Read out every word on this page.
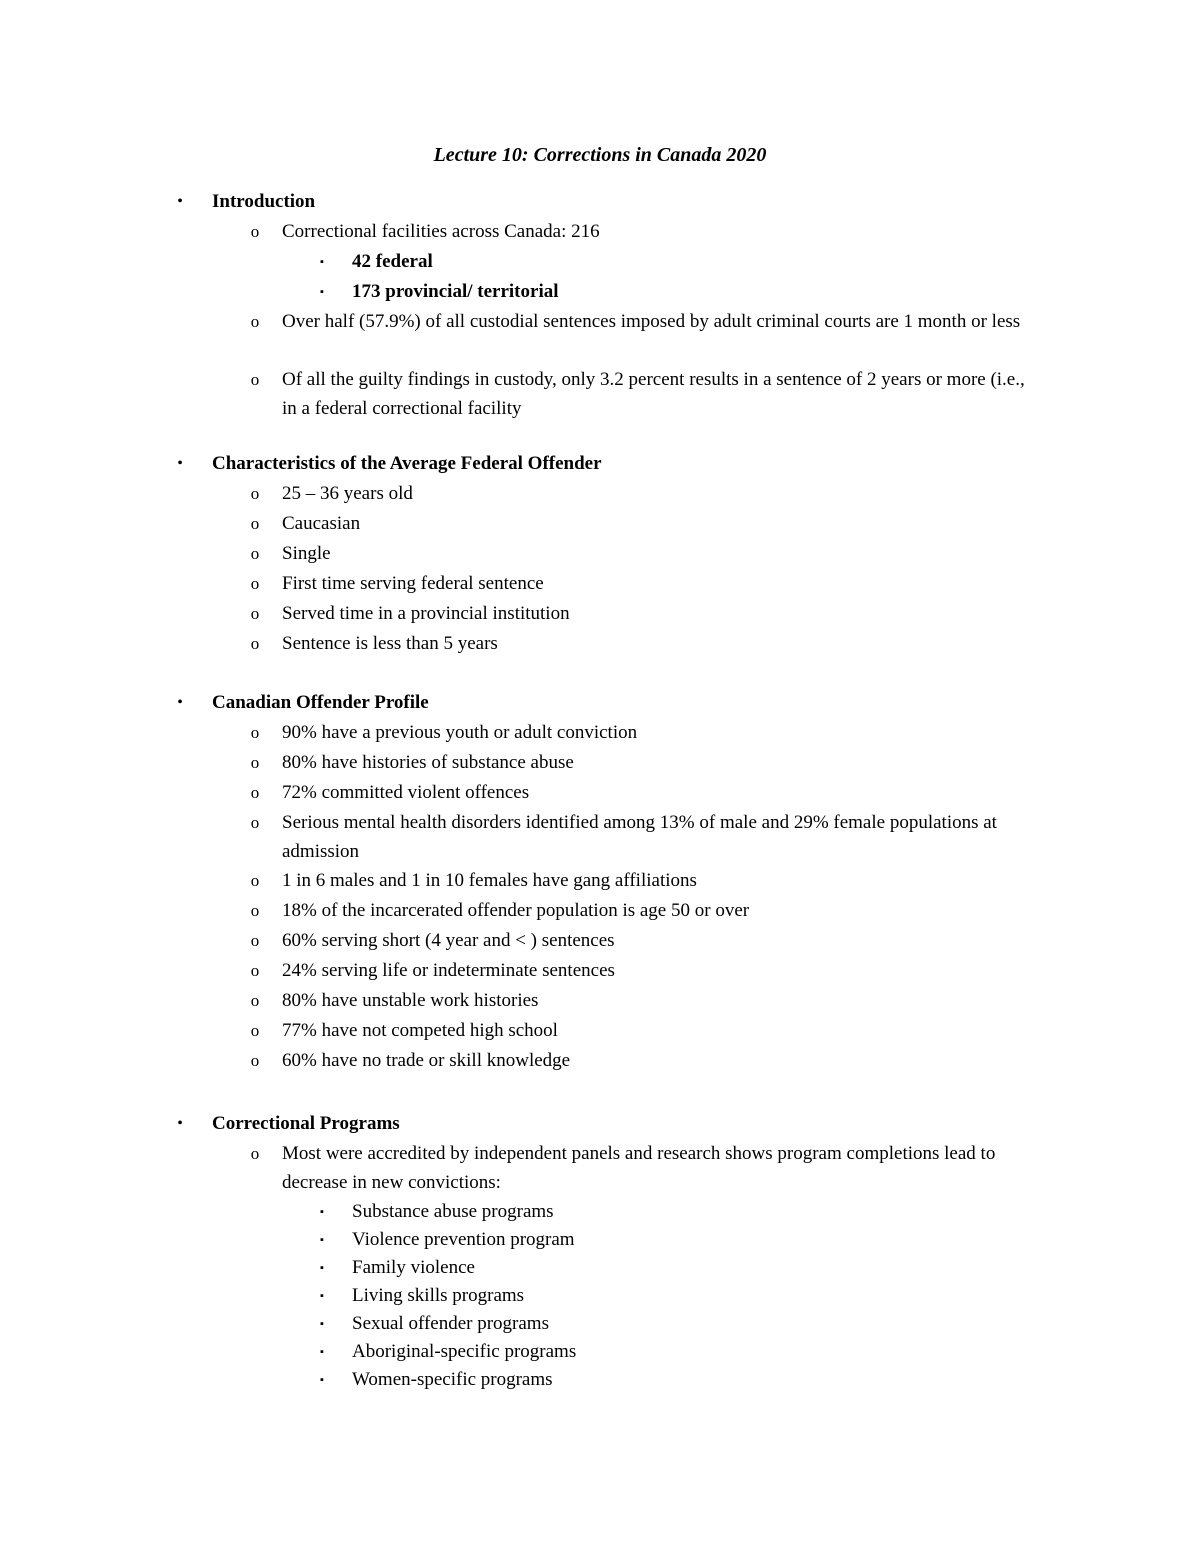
Lecture 10: Corrections in Canada 2020
• Introduction
o Correctional facilities across Canada: 216
▪ 42 federal
▪ 173 provincial/ territorial
o Over half (57.9%) of all custodial sentences imposed by adult criminal courts are 1 month or less
o Of all the guilty findings in custody, only 3.2 percent results in a sentence of 2 years or more (i.e., in a federal correctional facility
• Characteristics of the Average Federal Offender
o 25 – 36 years old
o Caucasian
o Single
o First time serving federal sentence
o Served time in a provincial institution
o Sentence is less than 5 years
• Canadian Offender Profile
o 90% have a previous youth or adult conviction
o 80% have histories of substance abuse
o 72% committed violent offences
o Serious mental health disorders identified among 13% of male and 29% female populations at admission
o 1 in 6 males and 1 in 10 females have gang affiliations
o 18% of the incarcerated offender population is age 50 or over
o 60% serving short (4 year and < ) sentences
o 24% serving life or indeterminate sentences
o 80% have unstable work histories
o 77% have not competed high school
o 60% have no trade or skill knowledge
• Correctional Programs
o Most were accredited by independent panels and research shows program completions lead to decrease in new convictions:
▪ Substance abuse programs
▪ Violence prevention program
▪ Family violence
▪ Living skills programs
▪ Sexual offender programs
▪ Aboriginal-specific programs
▪ Women-specific programs
